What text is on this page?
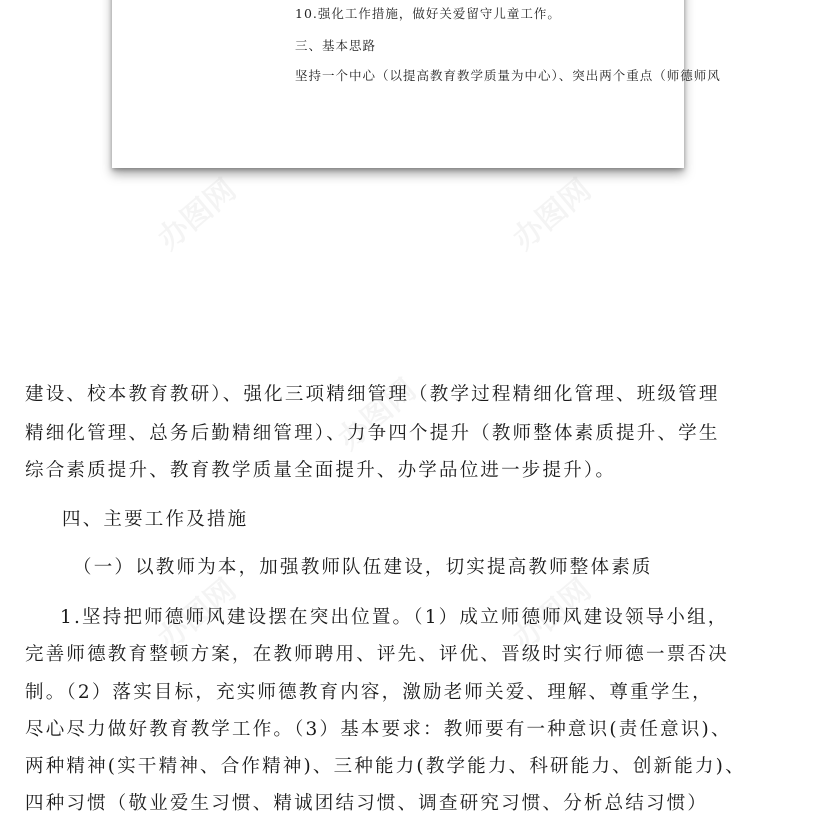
10.强化工作措施，做好关爱留守儿童工作。
三、基本思路
坚持一个中心（以提高教育教学质量为中心）、突出两个重点（师德师风
办图网	办图网
办图网
办图网	办图网
建设、校本教育教研）、强化三项精细管理（教学过程精细化管理、班级管理
精细化管理、总务后勤精细管理）、力争四个提升（教师整体素质提升、学生
综合素质提升、教育教学质量全面提升、办学品位进一步提升）。
四、主要工作及措施
（一）以教师为本，加强教师队伍建设，切实提高教师整体素质
1.坚持把师德师风建设摆在突出位置。（1）成立师德师风建设领导小组，
完善师德教育整顿方案，在教师聘用、评先、评优、晋级时实行师德一票否决
制。（2）落实目标，充实师德教育内容，激励老师关爱、理解、尊重学生，
尽心尽力做好教育教学工作。（3）基本要求：教师要有一种意识(责任意识)、
两种精神(实干精神、合作精神)、三种能力(教学能力、科研能力、创新能力)、
四种习惯（敬业爱生习惯、精诚团结习惯、调查研究习惯、分析总结习惯）
